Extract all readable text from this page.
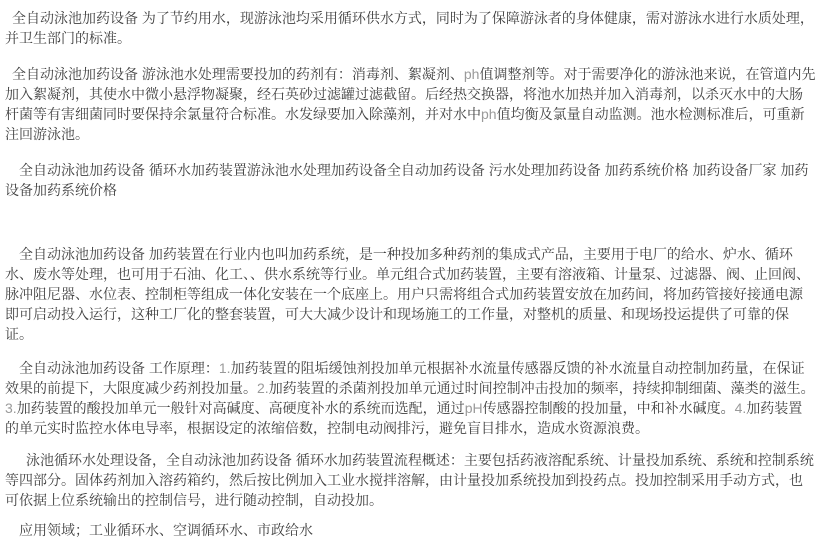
全自动泳池加药设备 为了节约用水，现游泳池均采用循环供水方式，同时为了保障游泳者的身体健康，需对游泳水进行水质处理，并卫生部门的标准。

全自动泳池加药设备 游泳池水处理需要投加的药剂有：消毒剂、絮凝剂、ph值调整剂等。对于需要净化的游泳池来说，在管道内先加入絮凝剂，其使水中微小悬浮物凝聚，经石英砂过滤罐过滤截留。后经热交换器，将池水加热并加入消毒剂，以杀灭水中的大肠杆菌等有害细菌同时要保持余氯量符合标准。水发绿要加入除藻剂，并对水中ph值均衡及氯量自动监测。池水检测标准后，可重新注回游泳池。

全自动泳池加药设备 循环水加药装置游泳池水处理加药设备全自动加药设备 污水处理加药设备 加药系统价格 加药设备厂家 加药设备加药系统价格

全自动泳池加药设备 加药装置在行业内也叫加药系统，是一种投加多种药剂的集成式产品，主要用于电厂的给水、炉水、循环水、废水等处理，也可用于石油、化工、、供水系统等行业。单元组合式加药装置，主要有溶液箱、计量泵、过滤器、阀、止回阀、脉冲阻尼器、水位表、控制柜等组成一体化安装在一个底座上。用户只需将组合式加药装置安放在加药间，将加药管接好接通电源即可启动投入运行，这种工厂化的整套装置，可大大减少设计和现场施工的工作量，对整机的质量、和现场投运提供了可靠的保证。

全自动泳池加药设备 工作原理：1.加药装置的阻垢缓蚀剂投加单元根据补水流量传感器反馈的补水流量自动控制加药量，在保证效果的前提下，大限度减少药剂投加量。2.加药装置的杀菌剂投加单元通过时间控制冲击投加的频率，持续抑制细菌、藻类的滋生。3.加药装置的酸投加单元一般针对高碱度、高硬度补水的系统而选配，通过pH传感器控制酸的投加量，中和补水碱度。4.加药装置的单元实时监控水体电导率，根据设定的浓缩倍数，控制电动阀排污，避免盲目排水，造成水资源浪费。

泳池循环水处理设备，全自动泳池加药设备 循环水加药装置流程概述：主要包括药液溶配系统、计量投加系统、系统和控制系统等四部分。固体药剂加入溶药箱约，然后按比例加入工业水搅拌溶解，由计量投加系统投加到投药点。投加控制采用手动方式，也可依据上位系统输出的控制信号，进行随动控制，自动投加。

应用领域；工业循环水、空调循环水、市政给水
